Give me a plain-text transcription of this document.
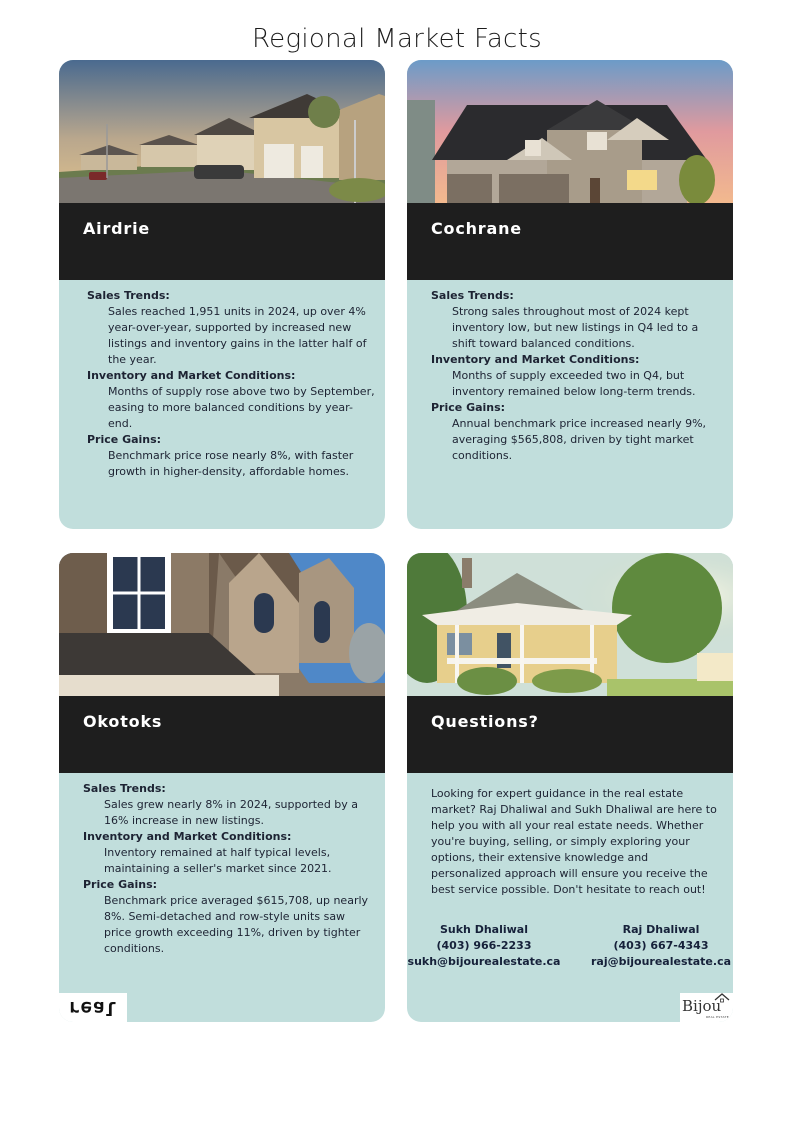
Regional Market Facts
Airdrie
Sales Trends:

Sales reached 1,951 units in 2024, up over 4% year-over-year, supported by increased new listings and inventory gains in the latter half of the year.

Inventory and Market Conditions:

Months of supply rose above two by September, easing to more balanced conditions by year-end.

Price Gains:

Benchmark price rose nearly 8%, with faster growth in higher-density, affordable homes.

Cochrane
Sales Trends:

Strong sales throughout most of 2024 kept inventory low, but new listings in Q4 led to a shift toward balanced conditions.

Inventory and Market Conditions:

Months of supply exceeded two in Q4, but inventory remained below long-term trends.

Price Gains:

Annual benchmark price increased nearly 9%, averaging $565,808, driven by tight market conditions.

Okotoks
Sales Trends:

Sales grew nearly 8% in 2024, supported by a 16% increase in new listings.

Inventory and Market Conditions:

Inventory remained at half typical levels, maintaining a seller's market since 2021.

Price Gains:

Benchmark price averaged $615,708, up nearly 8%. Semi-detached and row-style units saw price growth exceeding 11%, driven by tighter conditions.

real
Questions?
Looking for expert guidance in the real estate market? Raj Dhaliwal and Sukh Dhaliwal are here to help you with all your real estate needs. Whether you're buying, selling, or simply exploring your options, their extensive knowledge and personalized approach will ensure you receive the best service possible. Don't hesitate to reach out!
Sukh Dhaliwal
(403) 966-2233
sukh@bijourealestate.ca
Raj Dhaliwal
(403) 667-4343
raj@bijourealestate.ca
Bijou
REAL ESTATE
